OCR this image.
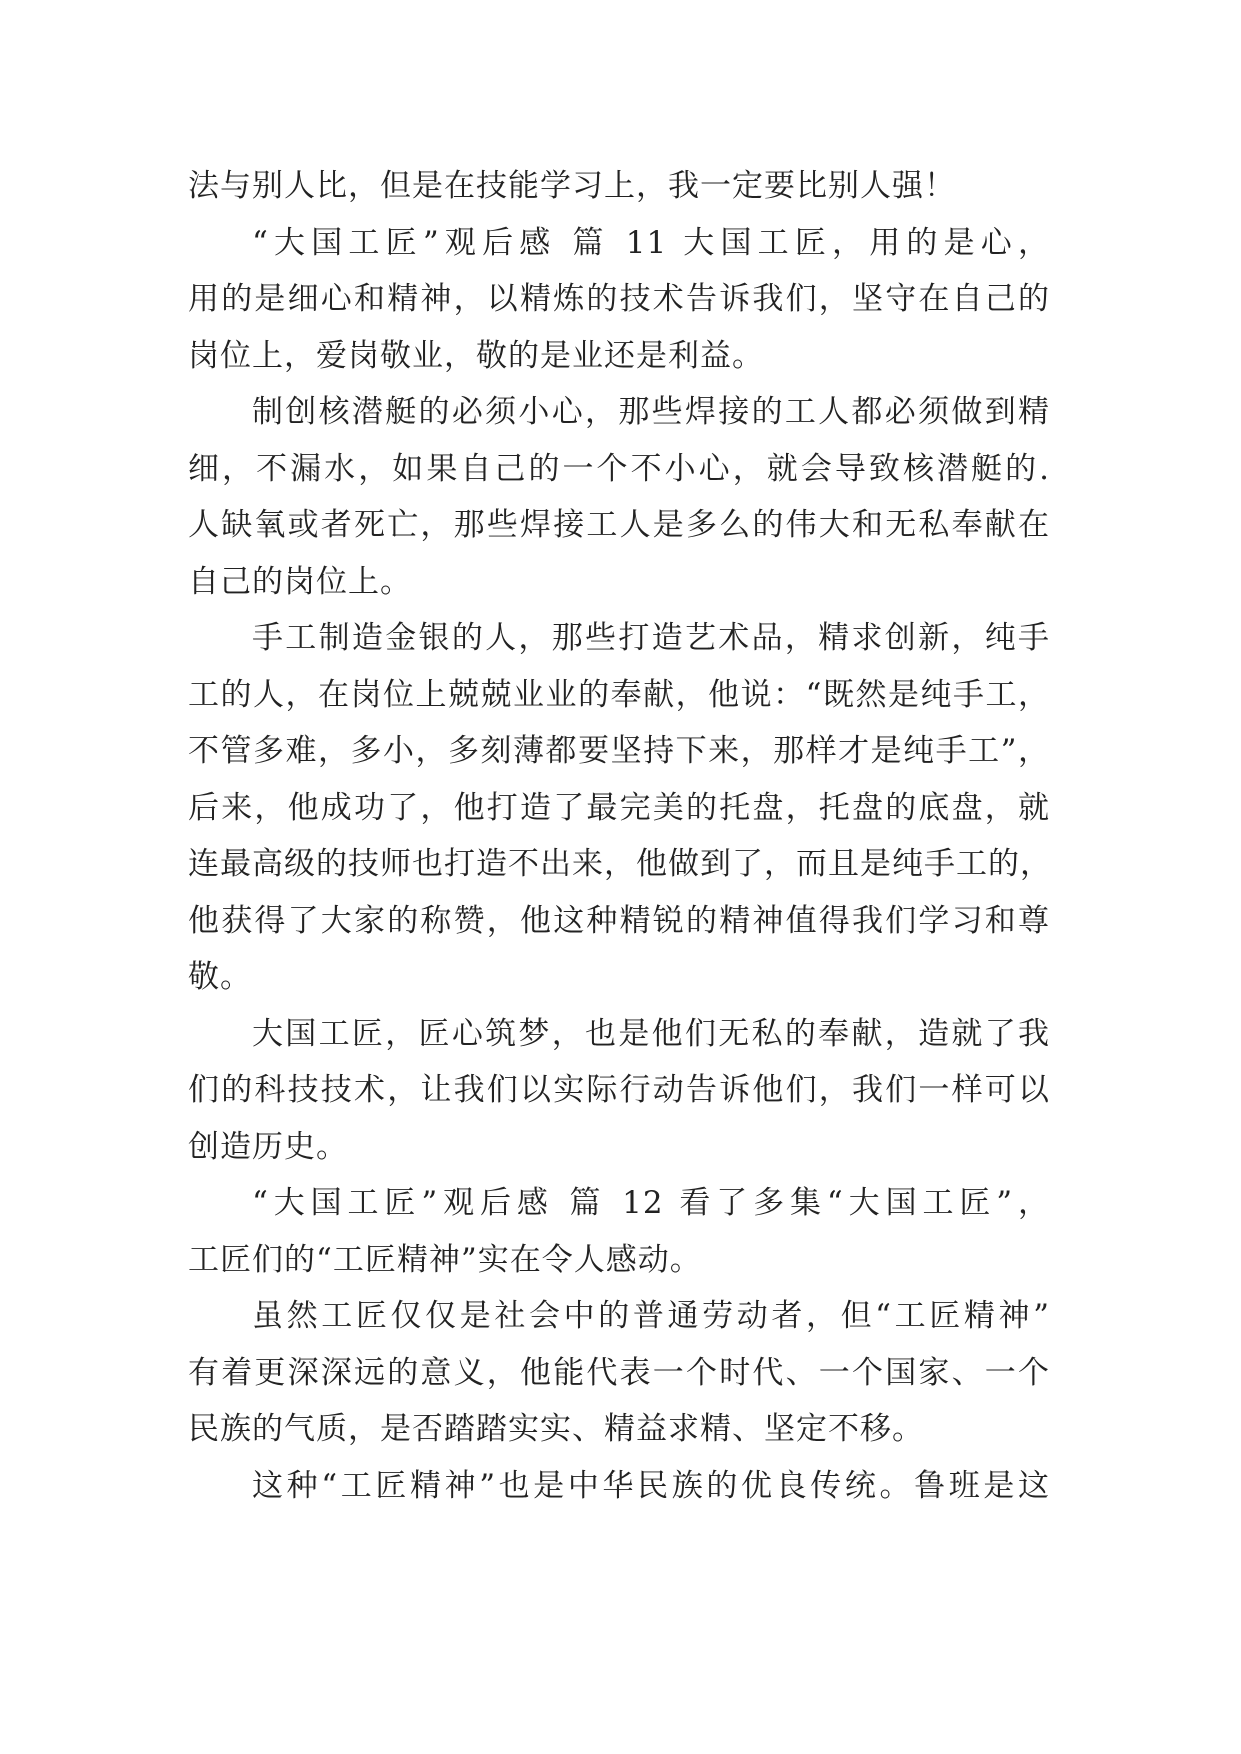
法与别人比，但是在技能学习上，我一定要比别人强！
“大国工匠”观后感 篇 11 大国工匠，用的是心，
用的是细心和精神，以精炼的技术告诉我们，坚守在自己的
岗位上，爱岗敬业，敬的是业还是利益。
制创核潜艇的必须小心，那些焊接的工人都必须做到精
细，不漏水，如果自己的一个不小心，就会导致核潜艇的.
人缺氧或者死亡，那些焊接工人是多么的伟大和无私奉献在
自己的岗位上。
手工制造金银的人，那些打造艺术品，精求创新，纯手
工的人，在岗位上兢兢业业的奉献，他说：“既然是纯手工，
不管多难，多小，多刻薄都要坚持下来，那样才是纯手工”，
后来，他成功了，他打造了最完美的托盘，托盘的底盘，就
连最高级的技师也打造不出来，他做到了，而且是纯手工的，
他获得了大家的称赞，他这种精锐的精神值得我们学习和尊
敬。
大国工匠，匠心筑梦，也是他们无私的奉献，造就了我
们的科技技术，让我们以实际行动告诉他们，我们一样可以
创造历史。
“大国工匠”观后感 篇 12 看了多集“大国工匠”，
工匠们的“工匠精神”实在令人感动。
虽然工匠仅仅是社会中的普通劳动者，但“工匠精神”
有着更深深远的意义，他能代表一个时代、一个国家、一个
民族的气质，是否踏踏实实、精益求精、坚定不移。
这种“工匠精神”也是中华民族的优良传统。鲁班是这
